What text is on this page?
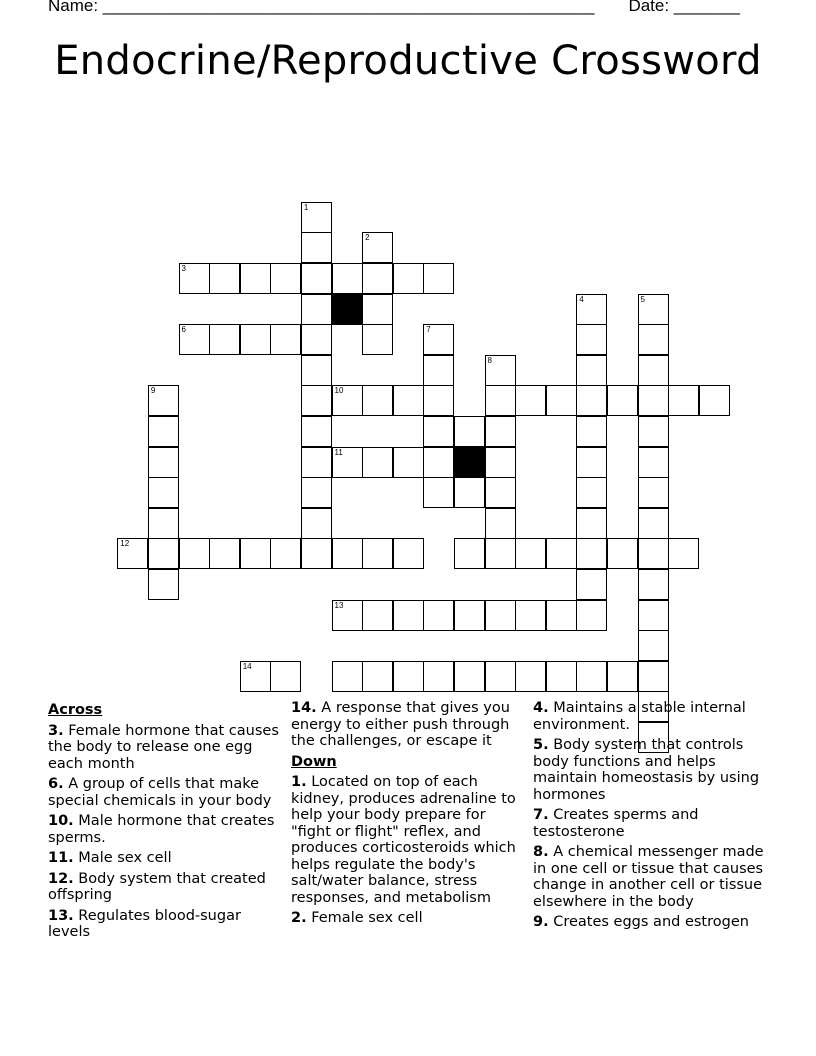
Name: ____________________________________________________ Date: _______
Endocrine/Reproductive Crossword
1
2
3
6	7
8
4	5
9	10
11
12
13
14
Across
3. Female hormone that causes the body to release one egg each month
6. A group of cells that make special chemicals in your body
10. Male hormone that creates sperms.
11. Male sex cell
12. Body system that created offspring
13. Regulates blood-sugar levels
14. A response that gives you energy to either push through the challenges, or escape it
Down
1. Located on top of each kidney, produces adrenaline to help your body prepare for "fight or flight" reflex, and produces corticosteroids which helps regulate the body's salt/water balance, stress responses, and metabolism
2. Female sex cell
4. Maintains a stable internal environment.
5. Body system that controls body functions and helps maintain homeostasis by using hormones
7. Creates sperms and testosterone
8. A chemical messenger made in one cell or tissue that causes change in another cell or tissue elsewhere in the body
9. Creates eggs and estrogen
